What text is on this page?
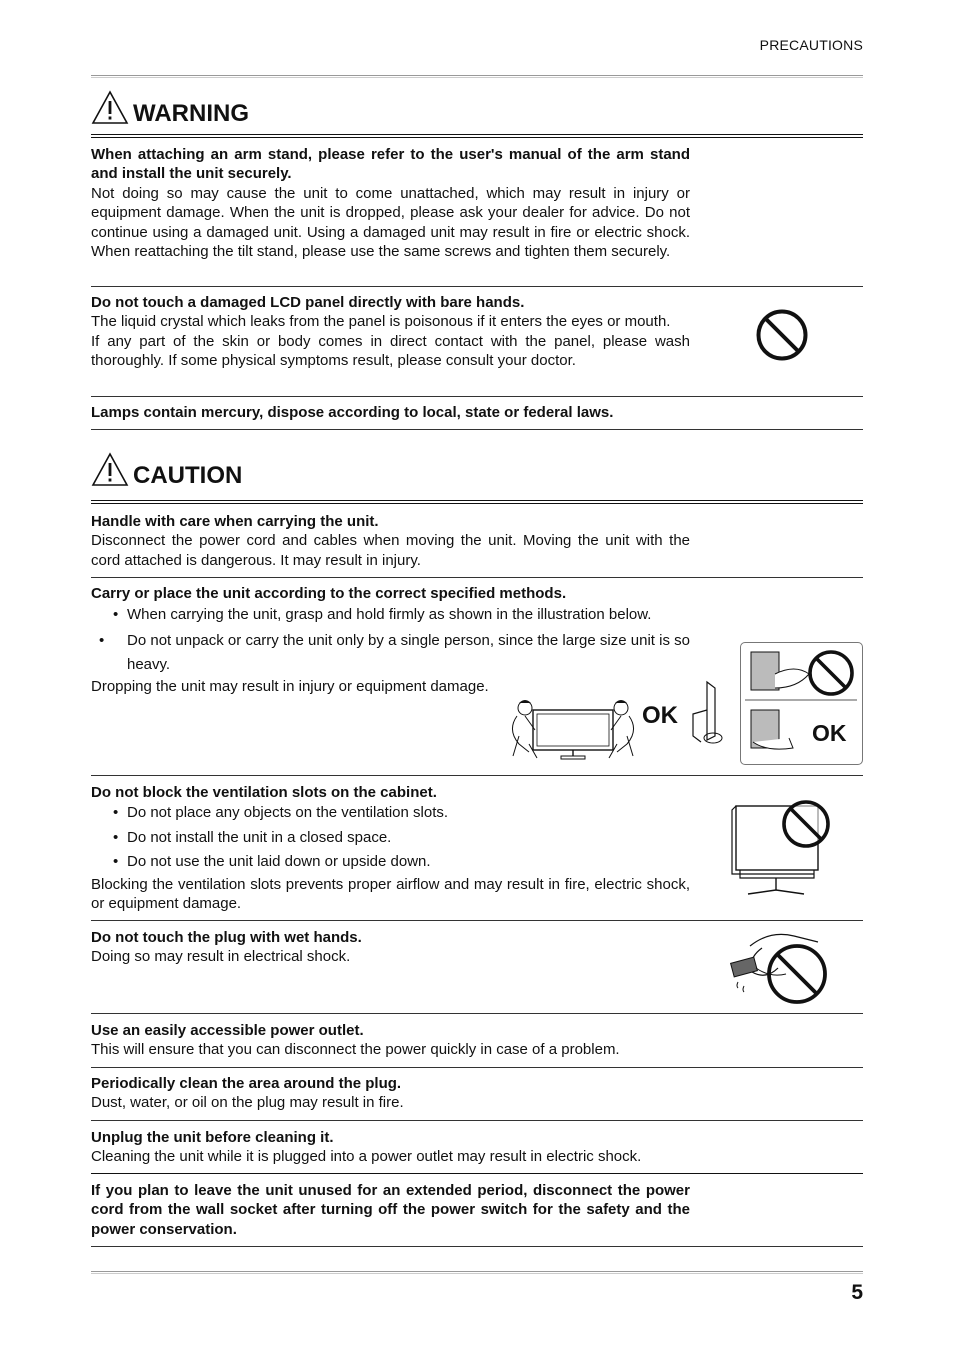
PRECAUTIONS
WARNING
When attaching an arm stand, please refer to the user's manual of the arm stand and install the unit securely.

Not doing so may cause the unit to come unattached, which may result in injury or equipment damage. When the unit is dropped, please ask your dealer for advice. Do not continue using a damaged unit. Using a damaged unit may result in fire or electric shock. When reattaching the tilt stand, please use the same screws and tighten them securely.

Do not touch a damaged LCD panel directly with bare hands.

The liquid crystal which leaks from the panel is poisonous if it enters the eyes or mouth.

If any part of the skin or body comes in direct contact with the panel, please wash thoroughly. If some physical symptoms result, please consult your doctor.

Lamps contain mercury, dispose according to local, state or federal laws.
CAUTION
Handle with care when carrying the unit.

Disconnect the power cord and cables when moving the unit. Moving the unit with the cord attached is dangerous. It may result in injury.

Carry or place the unit according to the correct specified methods.
• When carrying the unit, grasp and hold firmly as shown in the illustration below.
• Do not unpack or carry the unit only by a single person, since the large size unit is so heavy.

Dropping the unit may result in injury or equipment damage.

OK
OK
Do not block the ventilation slots on the cabinet.
• Do not place any objects on the ventilation slots.
• Do not install the unit in a closed space.
• Do not use the unit laid down or upside down.

Blocking the ventilation slots prevents proper airflow and may result in fire, electric shock, or equipment damage.

Do not touch the plug with wet hands.

Doing so may result in electrical shock.

Use an easily accessible power outlet.

This will ensure that you can disconnect the power quickly in case of a problem.

Periodically clean the area around the plug.

Dust, water, or oil on the plug may result in fire.

Unplug the unit before cleaning it.

Cleaning the unit while it is plugged into a power outlet may result in electric shock.

If you plan to leave the unit unused for an extended period, disconnect the power cord from the wall socket after turning off the power switch for the safety and the power conservation.
5
